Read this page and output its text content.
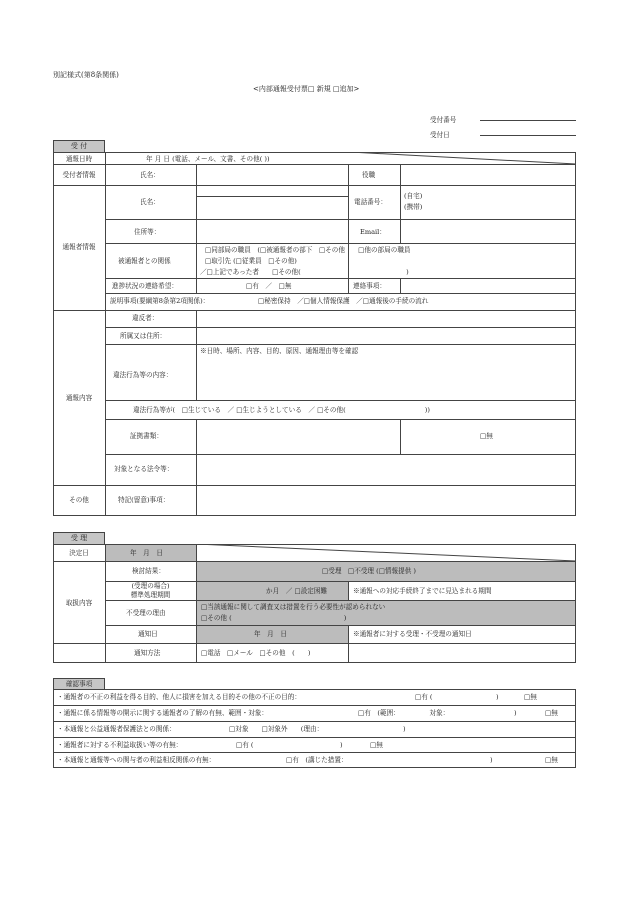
別記様式(第8条関係)
<内部通報受付票□ 新規 □追加>
受付番号
受付日
受 付
通報日時	年 月 日 (電話、メール、文書、その他( ))
受付者情報	氏名：	役職
通報者情報
氏名：	電話番号：
(自宅)
(携帯)
住所等：	Email：
被通報者との関係
□同部局の職員　(□被通報者の部下　□その他　　□他の部局の職員
□取引先 (□従業員　□その他)
／□上記であった者　　□その他(　　　　　　　　　　　　　　　　)
進捗状況の連絡希望：	□有　／　□無	連絡事項：
説明事項(要綱第8条第2項関係)：	□秘密保持　／□個人情報保護　／□通報後の手続の流れ
通報内容
違反者：
所属又は住所：
違法行為等の内容：
※日時、場所、内容、目的、原因、通報理由等を確認
違法行為等が(　□生じている　／ □生じようとしている　／ □その他(　　　　　　　　　　　　))
証拠書類：	□無
対象となる法令等：
その他	特記(留意)事項：
受 理
決定日	年　月　日
取扱内容
検討結果：	□受理　□不受理 (□情報提供 )
(受理の場合)
標準処理期間	か月　／ □設定困難	※通報への対応手続終了までに見込まれる期間
不受理の理由
□当該通報に関して調査又は措置を行う必要性が認められない
□その他 (　　　　　　　　　　　　　　　　　)
通知日	年　月　日	※通報者に対する受理・不受理の通知日
通知方法	□電話　□メール　□その他　(　　)
確認事項
・通報者の不正の利益を得る目的、他人に損害を加える目的その他の不正の目的：	□有 (	)	□無
・通報に係る情報等の開示に関する通報者の了解の有無、範囲・対象：	□有　(範囲：　　　　　対象：	)	□無
・本通報と公益通報者保護法との関係：	□対象　　□対象外　　(理由：	)
・通報者に対する不利益取扱い等の有無：	□有 (	)	□無
・本通報と通報等への関与者の利益相反関係の有無：	□有　(講じた措置：	)	□無
